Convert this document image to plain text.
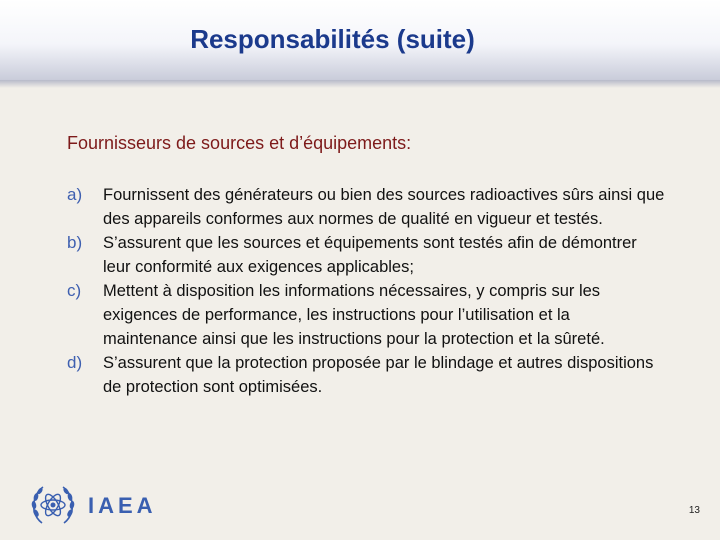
Responsabilités (suite)
Fournisseurs de sources et d’équipements:
a)	Fournissent des générateurs ou bien des sources radioactives sûrs ainsi que des appareils conformes aux normes de qualité en vigueur et testés.
b)	S’assurent que les sources et équipements sont testés afin de démontrer leur conformité aux exigences applicables;
c)	Mettent à disposition les informations nécessaires, y compris sur les exigences de performance, les instructions pour l’utilisation et la maintenance ainsi que les instructions pour la protection et la sûreté.
d)	S’assurent que la protection proposée par le blindage et autres dispositions de protection sont optimisées.
IAEA	13
